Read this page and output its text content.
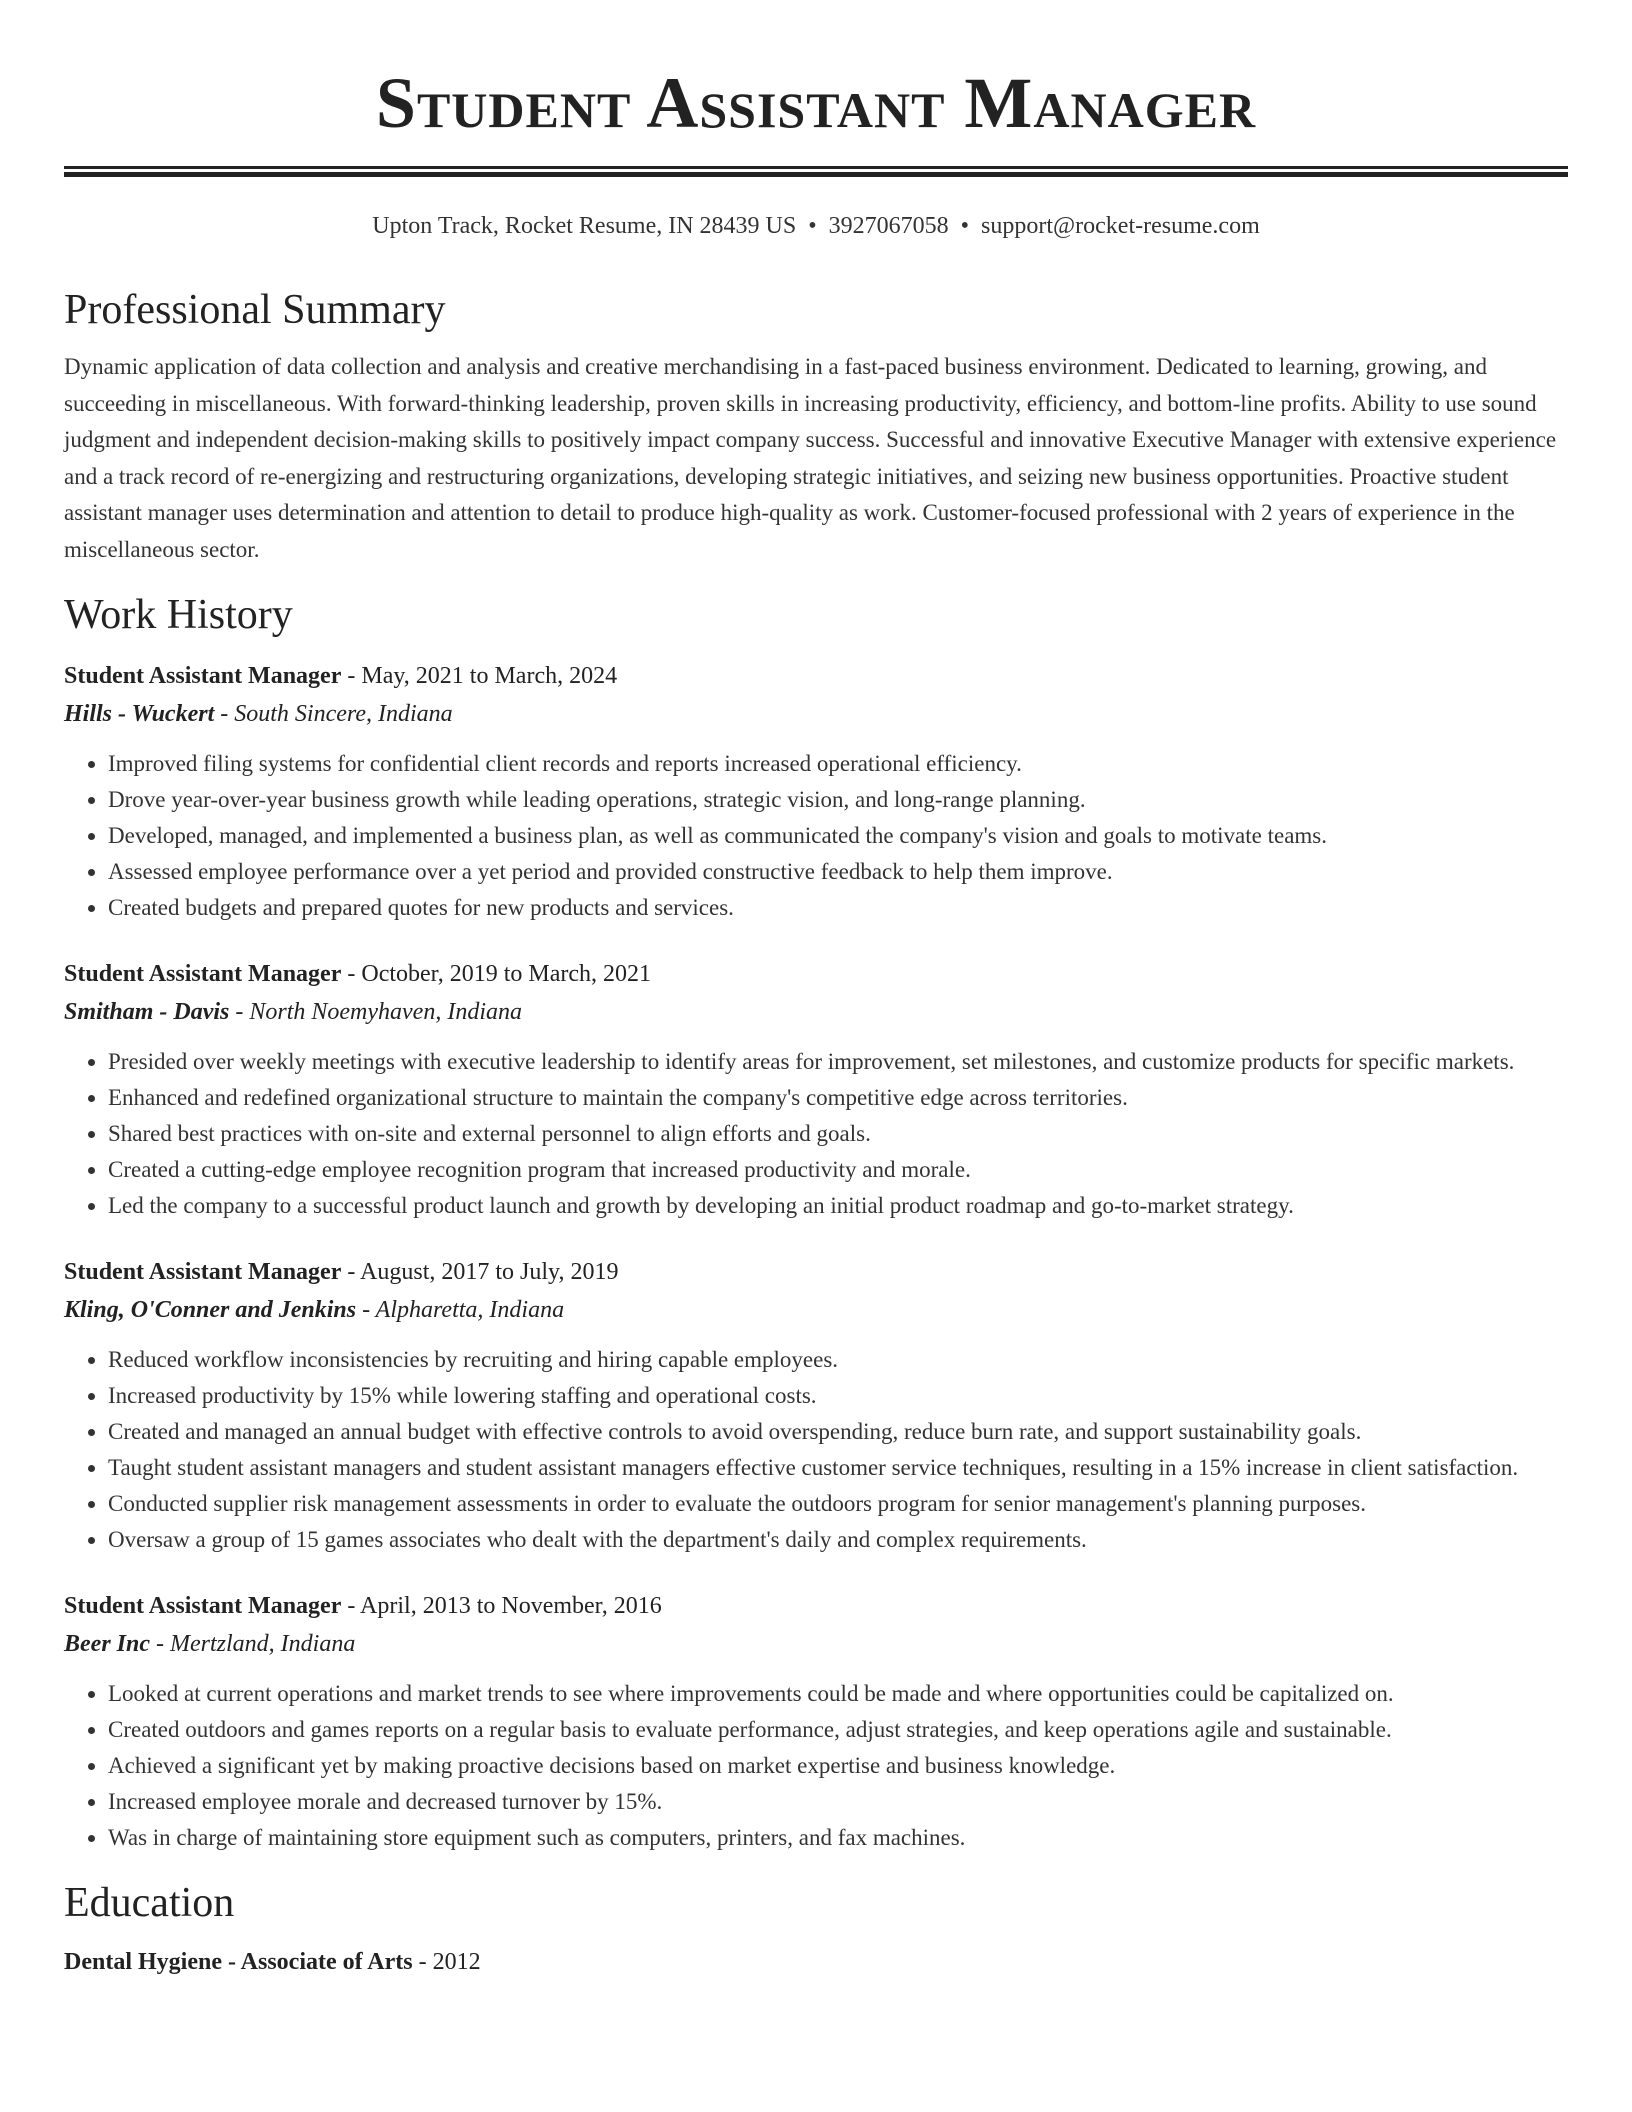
Student Assistant Manager
Upton Track, Rocket Resume, IN 28439 US • 3927067058 • support@rocket-resume.com
Professional Summary

Dynamic application of data collection and analysis and creative merchandising in a fast-paced business environment. Dedicated to learning, growing, and succeeding in miscellaneous. With forward-thinking leadership, proven skills in increasing productivity, efficiency, and bottom-line profits. Ability to use sound judgment and independent decision-making skills to positively impact company success. Successful and innovative Executive Manager with extensive experience and a track record of re-energizing and restructuring organizations, developing strategic initiatives, and seizing new business opportunities. Proactive student assistant manager uses determination and attention to detail to produce high-quality as work. Customer-focused professional with 2 years of experience in the miscellaneous sector.

Work History
Student Assistant Manager - May, 2021 to March, 2024
Hills - Wuckert - South Sincere, Indiana
• Improved filing systems for confidential client records and reports increased operational efficiency.
• Drove year-over-year business growth while leading operations, strategic vision, and long-range planning.
• Developed, managed, and implemented a business plan, as well as communicated the company's vision and goals to motivate teams.
• Assessed employee performance over a yet period and provided constructive feedback to help them improve.
• Created budgets and prepared quotes for new products and services.
Student Assistant Manager - October, 2019 to March, 2021
Smitham - Davis - North Noemyhaven, Indiana
• Presided over weekly meetings with executive leadership to identify areas for improvement, set milestones, and customize products for specific markets.
• Enhanced and redefined organizational structure to maintain the company's competitive edge across territories.
• Shared best practices with on-site and external personnel to align efforts and goals.
• Created a cutting-edge employee recognition program that increased productivity and morale.
• Led the company to a successful product launch and growth by developing an initial product roadmap and go-to-market strategy.
Student Assistant Manager - August, 2017 to July, 2019
Kling, O'Conner and Jenkins - Alpharetta, Indiana
• Reduced workflow inconsistencies by recruiting and hiring capable employees.
• Increased productivity by 15% while lowering staffing and operational costs.
• Created and managed an annual budget with effective controls to avoid overspending, reduce burn rate, and support sustainability goals.
• Taught student assistant managers and student assistant managers effective customer service techniques, resulting in a 15% increase in client satisfaction.
• Conducted supplier risk management assessments in order to evaluate the outdoors program for senior management's planning purposes.
• Oversaw a group of 15 games associates who dealt with the department's daily and complex requirements.
Student Assistant Manager - April, 2013 to November, 2016
Beer Inc - Mertzland, Indiana
• Looked at current operations and market trends to see where improvements could be made and where opportunities could be capitalized on.
• Created outdoors and games reports on a regular basis to evaluate performance, adjust strategies, and keep operations agile and sustainable.
• Achieved a significant yet by making proactive decisions based on market expertise and business knowledge.
• Increased employee morale and decreased turnover by 15%.
• Was in charge of maintaining store equipment such as computers, printers, and fax machines.
Education
Dental Hygiene - Associate of Arts - 2012
